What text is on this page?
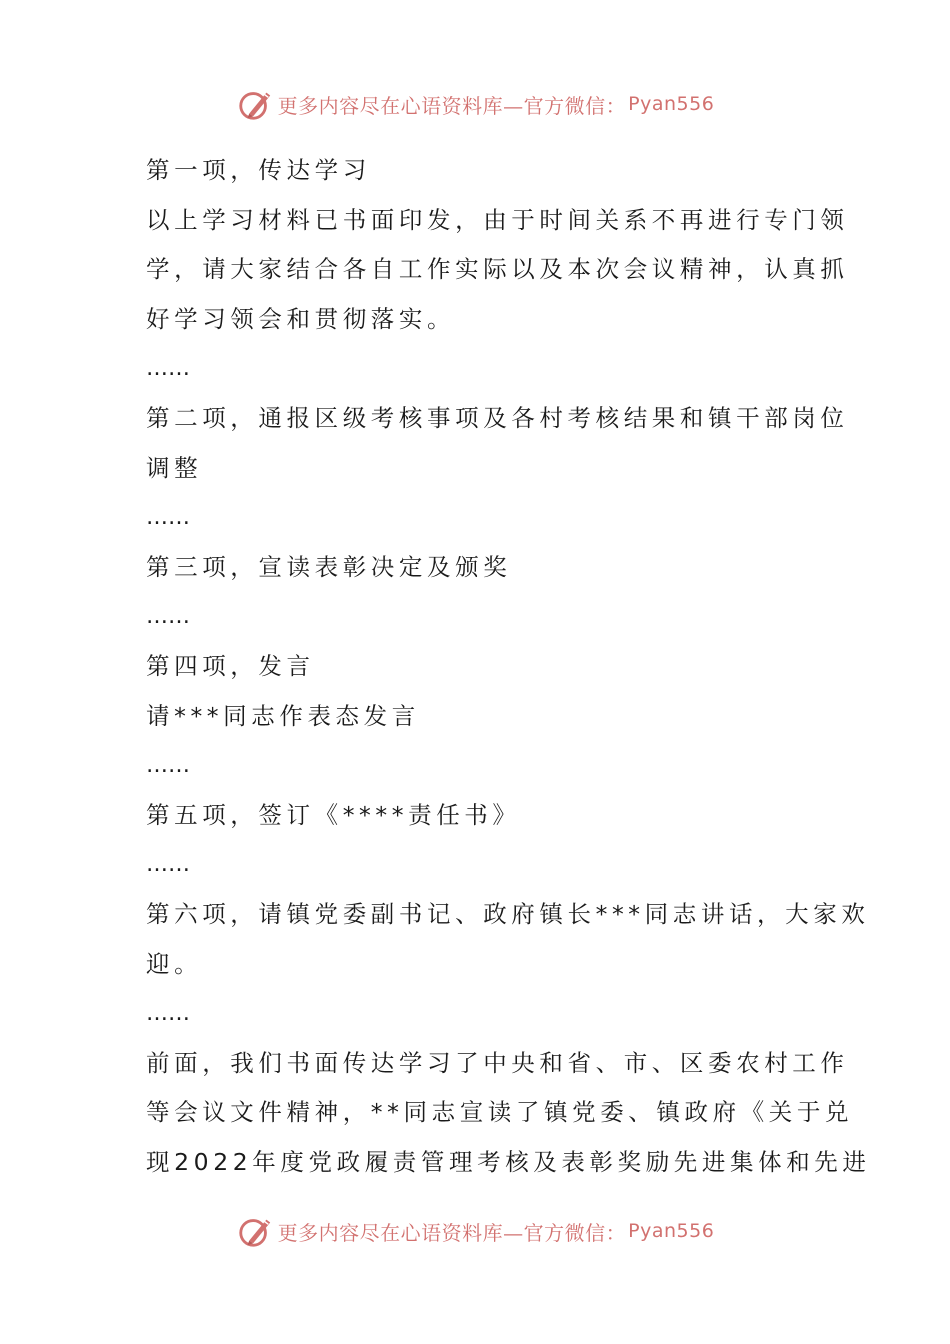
更多内容尽在心语资料库—官方微信： Pyan556
第一项，传达学习
以上学习材料已书面印发，由于时间关系不再进行专门领
学，请大家结合各自工作实际以及本次会议精神，认真抓
好学习领会和贯彻落实。
……
第二项，通报区级考核事项及各村考核结果和镇干部岗位
调整
……
第三项，宣读表彰决定及颁奖
……
第四项，发言
请***同志作表态发言
……
第五项，签订《****责任书》
……
第六项，请镇党委副书记、政府镇长***同志讲话，大家欢
迎。
……
前面，我们书面传达学习了中央和省、市、区委农村工作
等会议文件精神，**同志宣读了镇党委、镇政府《关于兑
现2022年度党政履责管理考核及表彰奖励先进集体和先进
更多内容尽在心语资料库—官方微信： Pyan556
